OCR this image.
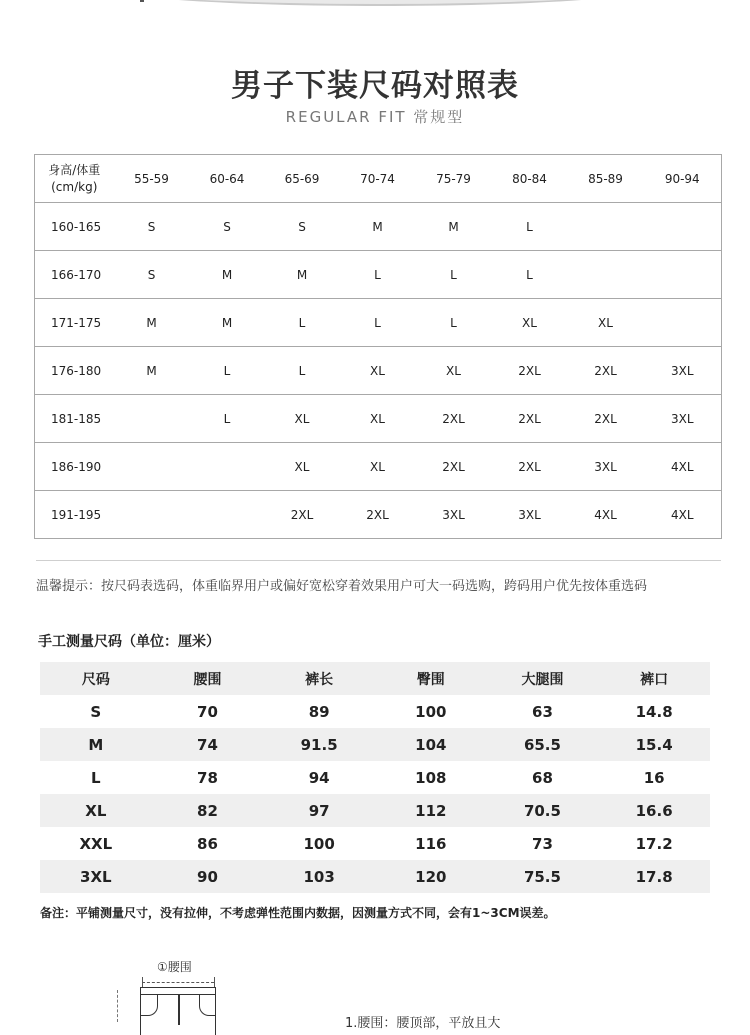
男子下装尺码对照表
REGULAR FIT 常规型
身高/体重
(cm/kg)	55-59	60-64	65-69	70-74	75-79	80-84	85-89	90-94
160-165	S	S	S	M	M	L		
166-170	S	M	M	L	L	L		
171-175	M	M	L	L	L	XL	XL	
176-180	M	L	L	XL	XL	2XL	2XL	3XL
181-185		L	XL	XL	2XL	2XL	2XL	3XL
186-190			XL	XL	2XL	2XL	3XL	4XL
191-195			2XL	2XL	3XL	3XL	4XL	4XL
温馨提示：按尺码表选码，体重临界用户或偏好宽松穿着效果用户可大一码选购，跨码用户优先按体重选码
手工测量尺码（单位：厘米）
尺码	腰围	裤长	臀围	大腿围	裤口
S	70	89	100	63	14.8
M	74	91.5	104	65.5	15.4
L	78	94	108	68	16
XL	82	97	112	70.5	16.6
XXL	86	100	116	73	17.2
3XL	90	103	120	75.5	17.8
备注：平铺测量尺寸，没有拉伸，不考虑弹性范围内数据，因测量方式不同，会有1~3CM误差。
①腰围
1.腰围：腰顶部，平放且大
